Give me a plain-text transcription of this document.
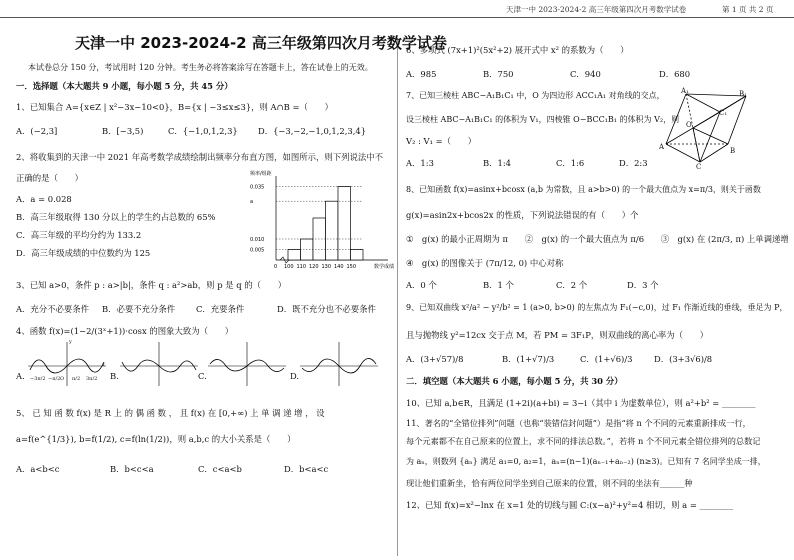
天津一中 2023-2024-2 高三年级第四次月考数学试卷	第 1 页 共 2 页
天津一中 2023-2024-2 高三年级第四次月考数学试卷
本试卷总分 150 分，考试用时 120 分钟。考生务必将答案涂写在答题卡上，答在试卷上的无效。
一．选择题（本大题共 9 小题，每小题 5 分，共 45 分）
1、已知集合 A={x∈Z | x²−3x−10<0}，B={x | −3≤x≤3}，则 A∩B =（　　）
A．(−2,3]	B．[−3,5)	C．{−1,0,1,2,3} D．{−3,−2,−1,0,1,2,3,4}
2、将收集到的天津一中 2021 年高考数学成绩绘制出频率分布直方图，如图所示，则下列说法中不
正确的是（　　）
A．a = 0.028
B．高三年级取得 130 分以上的学生约占总数的 65%
C．高三年级的平均分约为 133.2
D．高三年级成绩的中位数约为 125
频率/组距
数学成绩
0.035
a
0.010
0.005
0 100 110 120 130 140 150
3、已知 a>0，条件 p : a>|b|，条件 q : a²>ab，则 p 是 q 的（　　）
A．充分不必要条件 B．必要不充分条件 C．充要条件	D．既不充分也不必要条件
4、函数 f(x)=(1−2/(3ˣ+1))·cosx 的图象大致为（　　）
A.	B.	C.	D.
−3π/2 −π/2 O π/2 3π/2
x
y
5、 已 知 函 数 f(x) 是 R 上 的 偶 函 数 ， 且 f(x) 在 [0,+∞) 上 单 调 递 增 ， 设
a=f(e^{1/3}), b=f(1/2), c=f(ln(1/2))，则 a,b,c 的大小关系是（　　）
A．a<b<c	B．b<c<a	C．c<a<b	D．b<a<c
6、多项式 (7x+1)²(5x²+2) 展开式中 x² 的系数为（　　）
A．985	B．750	C．940	D．680
7、已知三棱柱 ABC−A₁B₁C₁ 中，O 为四边形 ACC₁A₁ 对角线的交点，
设三棱柱 ABC−A₁B₁C₁ 的体积为 V₁，四棱锥 O−BCC₁B₁ 的体积为 V₂，则
V₂ : V₁ =（　　）
A．1:3	B．1:4	C．1:6	D．2:3
A₁	B₁
C₁
O
A	B
C
8、已知函数 f(x)=asinx+bcosx (a,b 为常数，且 a>b>0) 的一个最大值点为 x=π/3，则关于函数
g(x)=asin2x+bcos2x 的性质，下列说法错误的有（　　）个
①　g(x) 的最小正周期为 π　　②　g(x) 的一个最大值点为 π/6　　③　g(x) 在 (2π/3, π) 上单调递增
④　g(x) 的图像关于 (7π/12, 0) 中心对称
A．0 个	B．1 个	C．2 个	D．3 个
9、已知双曲线 x²/a² − y²/b² = 1 (a>0, b>0) 的左焦点为 F₁(−c,0)，过 F₁ 作渐近线的垂线，垂足为 P，
且与抛物线 y²=12cx 交于点 M，若 PM = 3F₁P，则双曲线的离心率为（　　）
A．(3+√57)/8	B．(1+√7)/3	C．(1+√6)/3	D．(3+3√6)/8
二．填空题（本大题共 6 小题，每小题 5 分，共 30 分）
10、已知 a,b∈R，且满足 (1+2i)(a+bi) = 3−i（其中 i 为虚数单位），则 a²+b² = ________
11、著名的“全错位排列”问题（也称“装错信封问题”）是指“将 n 个不同的元素重新排成一行，
每个元素都不在自己原来的位置上，求不同的排法总数。”，若将 n 个不同元素全错位排列的总数记
为 aₙ，则数列 {aₙ} 满足 a₁=0, a₂=1，aₙ=(n−1)(aₙ₋₁+aₙ₋₂) (n≥3)。已知有 7 名同学坐成一排，
现让他们重新坐，恰有两位同学坐到自己原来的位置，则不同的坐法有______种
12、已知 f(x)=x²−lnx 在 x=1 处的切线与圆 C:(x−a)²+y²=4 相切，则 a = ________
